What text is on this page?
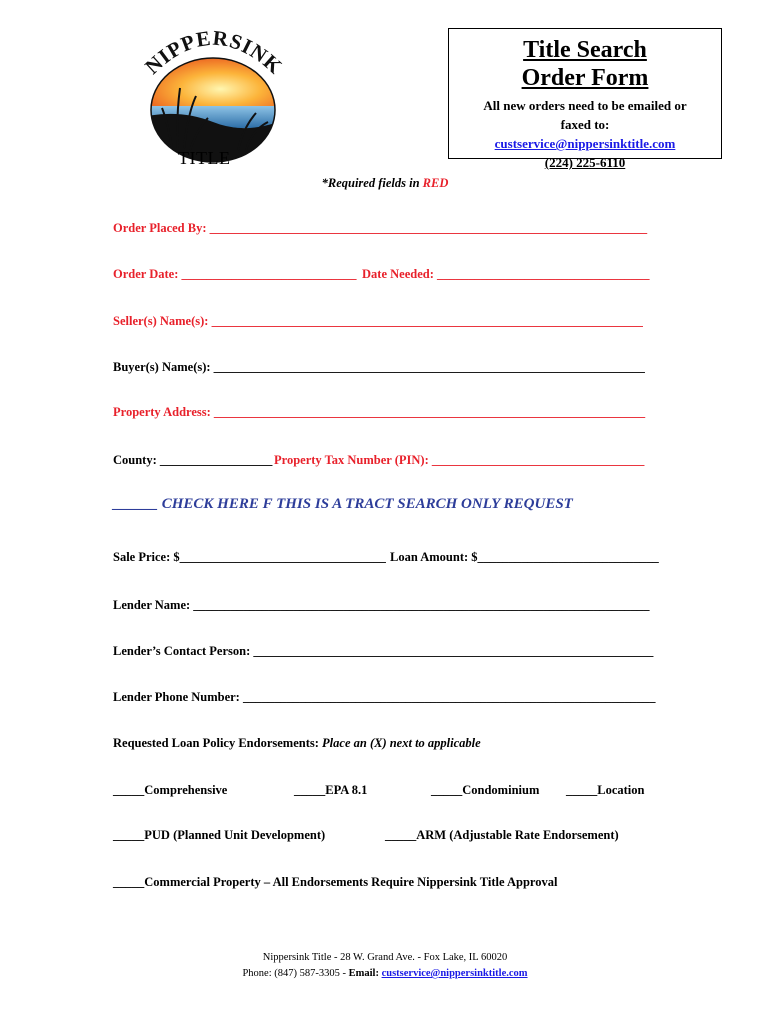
NIPPERSINK
TITLE
Title Search
Order Form
All new orders need to be emailed or
faxed to:
custservice@nippersinktitle.com
(224) 225-6110
*Required fields in RED
Order Placed By: ______________________________________________________________________
Order Date: ____________________________ Date Needed: __________________________________
Seller(s) Name(s): _____________________________________________________________________
Buyer(s) Name(s): _____________________________________________________________________
Property Address: _____________________________________________________________________
County: __________________ Property Tax Number (PIN): __________________________________
______ CHECK HERE F THIS IS A TRACT SEARCH ONLY REQUEST
Sale Price: $_________________________________ Loan Amount: $_____________________________
Lender Name: _________________________________________________________________________
Lender’s Contact Person: ________________________________________________________________
Lender Phone Number: __________________________________________________________________
Requested Loan Policy Endorsements: Place an (X) next to applicable
_____Comprehensive	_____EPA 8.1	_____Condominium _____Location
_____PUD (Planned Unit Development)	_____ARM (Adjustable Rate Endorsement)
_____Commercial Property – All Endorsements Require Nippersink Title Approval
Nippersink Title - 28 W. Grand Ave. - Fox Lake, IL 60020
Phone: (847) 587-3305 - Email: custservice@nippersinktitle.com
